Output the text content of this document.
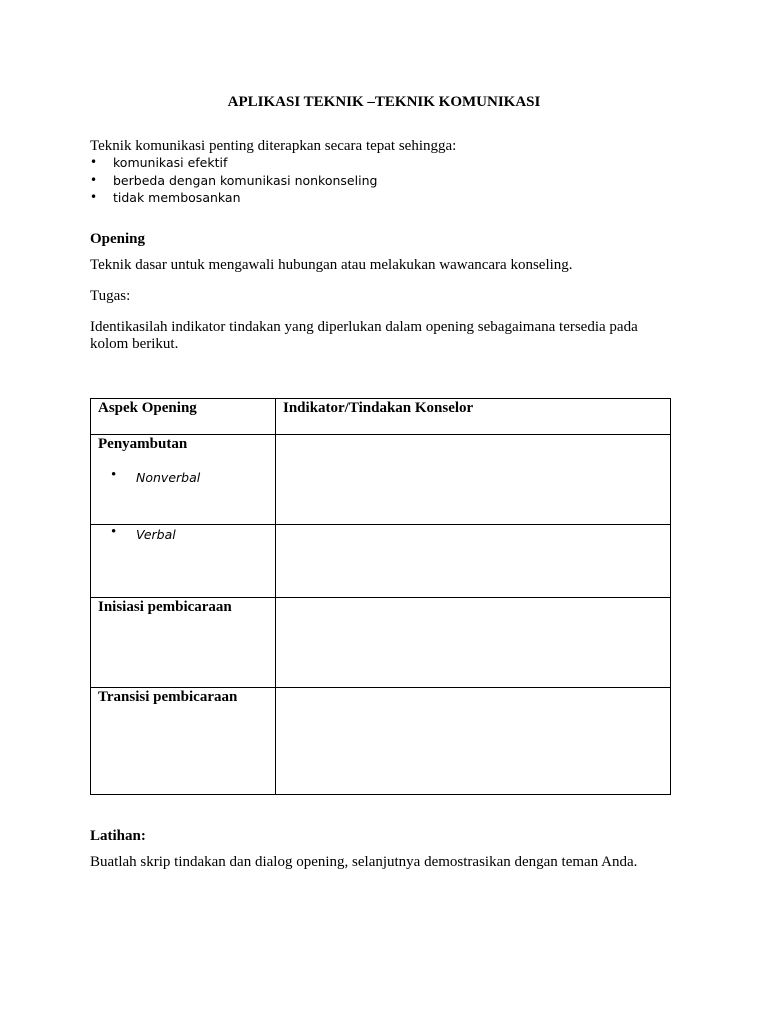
APLIKASI TEKNIK –TEKNIK KOMUNIKASI
Teknik komunikasi penting diterapkan secara tepat sehingga:
• komunikasi efektif
• berbeda dengan komunikasi nonkonseling
• tidak membosankan
Opening
Teknik dasar untuk mengawali hubungan atau melakukan wawancara konseling.
Tugas:
Identikasilah indikator tindakan yang diperlukan dalam opening sebagaimana tersedia pada
kolom berikut.
Aspek Opening	Indikator/Tindakan Konselor

Penyambutan
• Nonverbal	

• Verbal	

Inisiasi pembicaraan	

Transisi pembicaraan	

Latihan:
Buatlah skrip tindakan dan dialog opening, selanjutnya demostrasikan dengan teman Anda.
